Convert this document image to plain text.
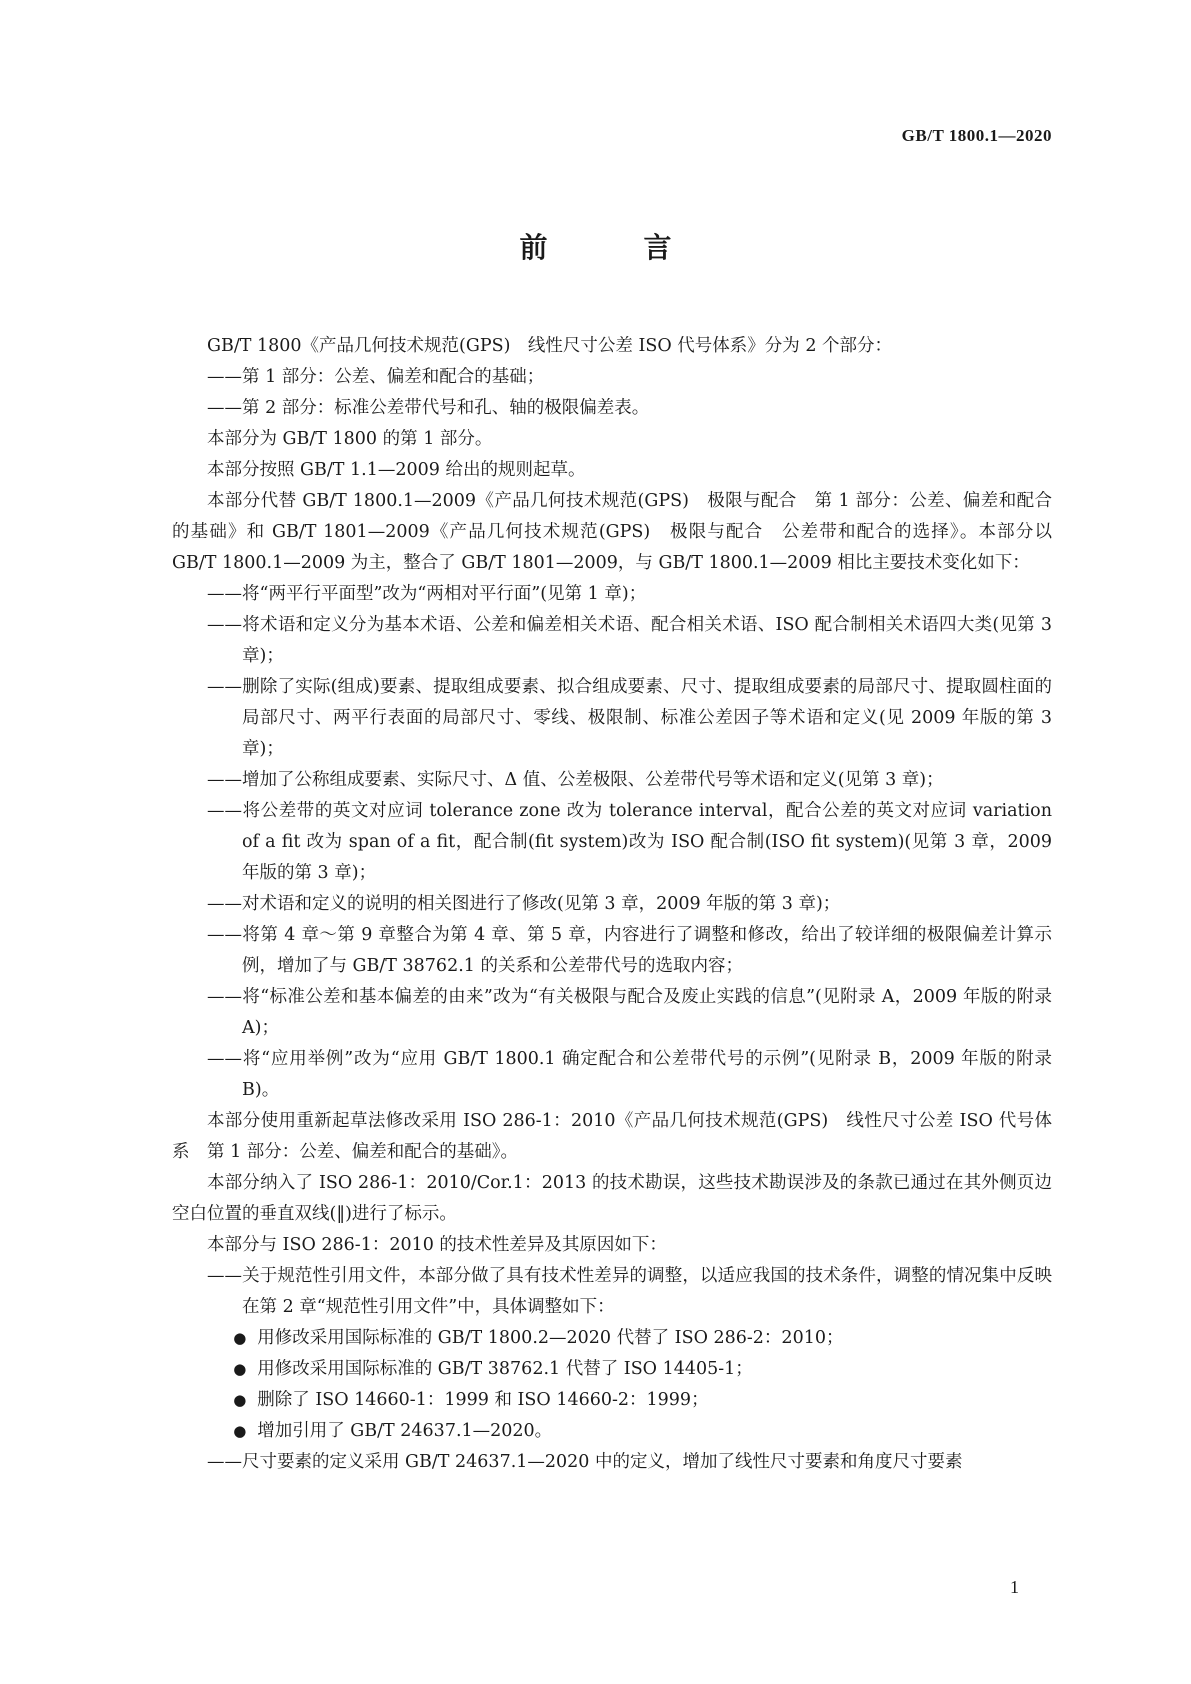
GB/T 1800.1—2020
前　言
GB/T 1800《产品几何技术规范(GPS)　线性尺寸公差 ISO 代号体系》分为 2 个部分：
——第 1 部分：公差、偏差和配合的基础；
——第 2 部分：标准公差带代号和孔、轴的极限偏差表。
本部分为 GB/T 1800 的第 1 部分。
本部分按照 GB/T 1.1—2009 给出的规则起草。
本部分代替 GB/T 1800.1—2009《产品几何技术规范(GPS)　极限与配合　第 1 部分：公差、偏差和配合的基础》和 GB/T 1801—2009《产品几何技术规范(GPS)　极限与配合　公差带和配合的选择》。本部分以 GB/T 1800.1—2009 为主，整合了 GB/T 1801—2009，与 GB/T 1800.1—2009 相比主要技术变化如下：
——将“两平行平面型”改为“两相对平行面”(见第 1 章)；
——将术语和定义分为基本术语、公差和偏差相关术语、配合相关术语、ISO 配合制相关术语四大类(见第 3 章)；
——删除了实际(组成)要素、提取组成要素、拟合组成要素、尺寸、提取组成要素的局部尺寸、提取圆柱面的局部尺寸、两平行表面的局部尺寸、零线、极限制、标准公差因子等术语和定义(见 2009 年版的第 3 章)；
——增加了公称组成要素、实际尺寸、Δ 值、公差极限、公差带代号等术语和定义(见第 3 章)；
——将公差带的英文对应词 tolerance zone 改为 tolerance interval，配合公差的英文对应词 variation of a fit 改为 span of a fit，配合制(fit system)改为 ISO 配合制(ISO fit system)(见第 3 章，2009 年版的第 3 章)；
——对术语和定义的说明的相关图进行了修改(见第 3 章，2009 年版的第 3 章)；
——将第 4 章～第 9 章整合为第 4 章、第 5 章，内容进行了调整和修改，给出了较详细的极限偏差计算示例，增加了与 GB/T 38762.1 的关系和公差带代号的选取内容；
——将“标准公差和基本偏差的由来”改为“有关极限与配合及废止实践的信息”(见附录 A，2009 年版的附录 A)；
——将“应用举例”改为“应用 GB/T 1800.1 确定配合和公差带代号的示例”(见附录 B，2009 年版的附录 B)。
本部分使用重新起草法修改采用 ISO 286-1：2010《产品几何技术规范(GPS)　线性尺寸公差 ISO 代号体系　第 1 部分：公差、偏差和配合的基础》。
本部分纳入了 ISO 286-1：2010/Cor.1：2013 的技术勘误，这些技术勘误涉及的条款已通过在其外侧页边空白位置的垂直双线(‖)进行了标示。
本部分与 ISO 286-1：2010 的技术性差异及其原因如下：
——关于规范性引用文件，本部分做了具有技术性差异的调整，以适应我国的技术条件，调整的情况集中反映在第 2 章“规范性引用文件”中，具体调整如下：
● 用修改采用国际标准的 GB/T 1800.2—2020 代替了 ISO 286-2：2010；
● 用修改采用国际标准的 GB/T 38762.1 代替了 ISO 14405-1；
● 删除了 ISO 14660-1：1999 和 ISO 14660-2：1999；
● 增加引用了 GB/T 24637.1—2020。
——尺寸要素的定义采用 GB/T 24637.1—2020 中的定义，增加了线性尺寸要素和角度尺寸要素
1
